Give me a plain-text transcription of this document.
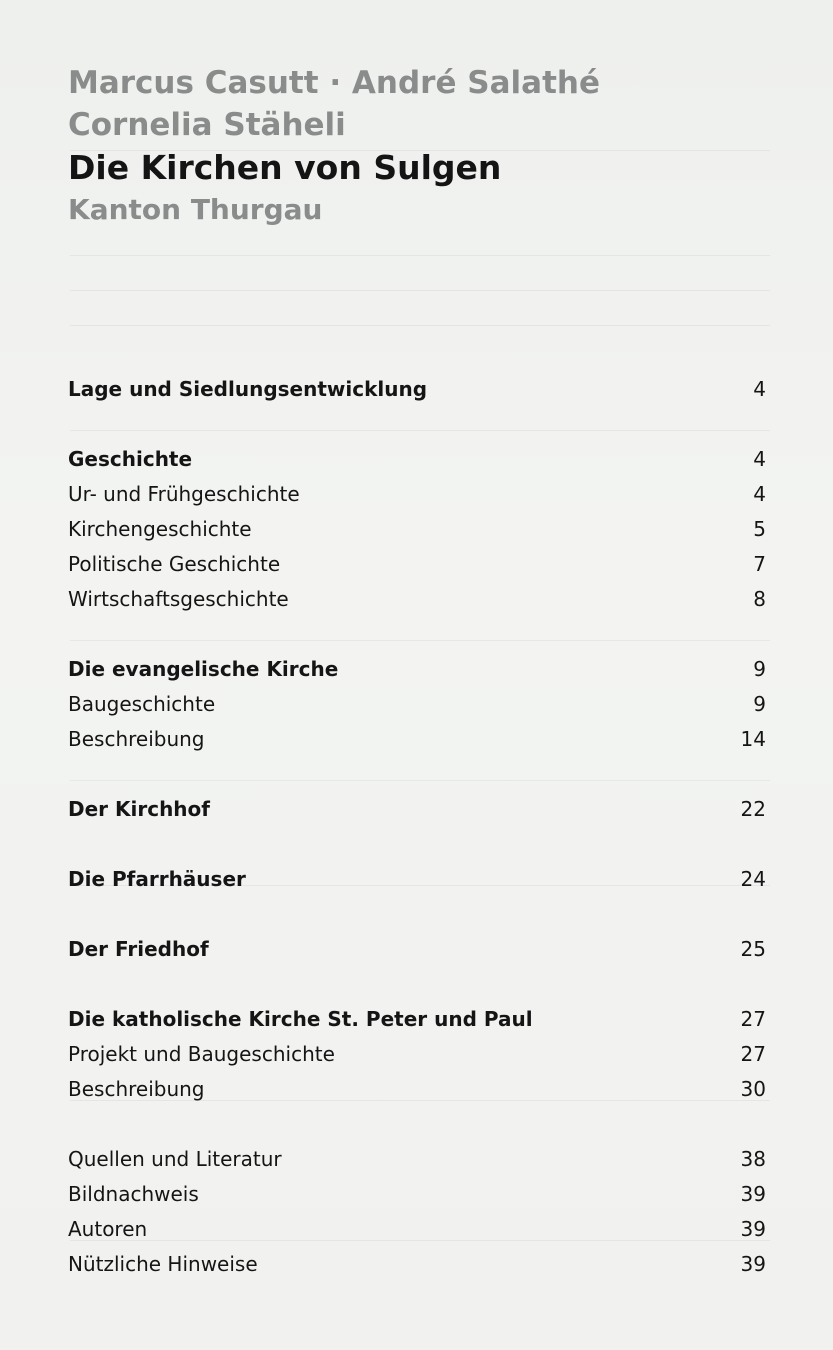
Marcus Casutt · André Salathé
Cornelia Stäheli
Die Kirchen von Sulgen
Kanton Thurgau
Lage und Siedlungsentwicklung	4
Geschichte	4
Ur- und Frühgeschichte	4
Kirchengeschichte	5
Politische Geschichte	7
Wirtschaftsgeschichte	8
Die evangelische Kirche	9
Baugeschichte	9
Beschreibung	14
Der Kirchhof	22
Die Pfarrhäuser	24
Der Friedhof	25
Die katholische Kirche St. Peter und Paul	27
Projekt und Baugeschichte	27
Beschreibung	30
Quellen und Literatur	38
Bildnachweis	39
Autoren	39
Nützliche Hinweise	39
